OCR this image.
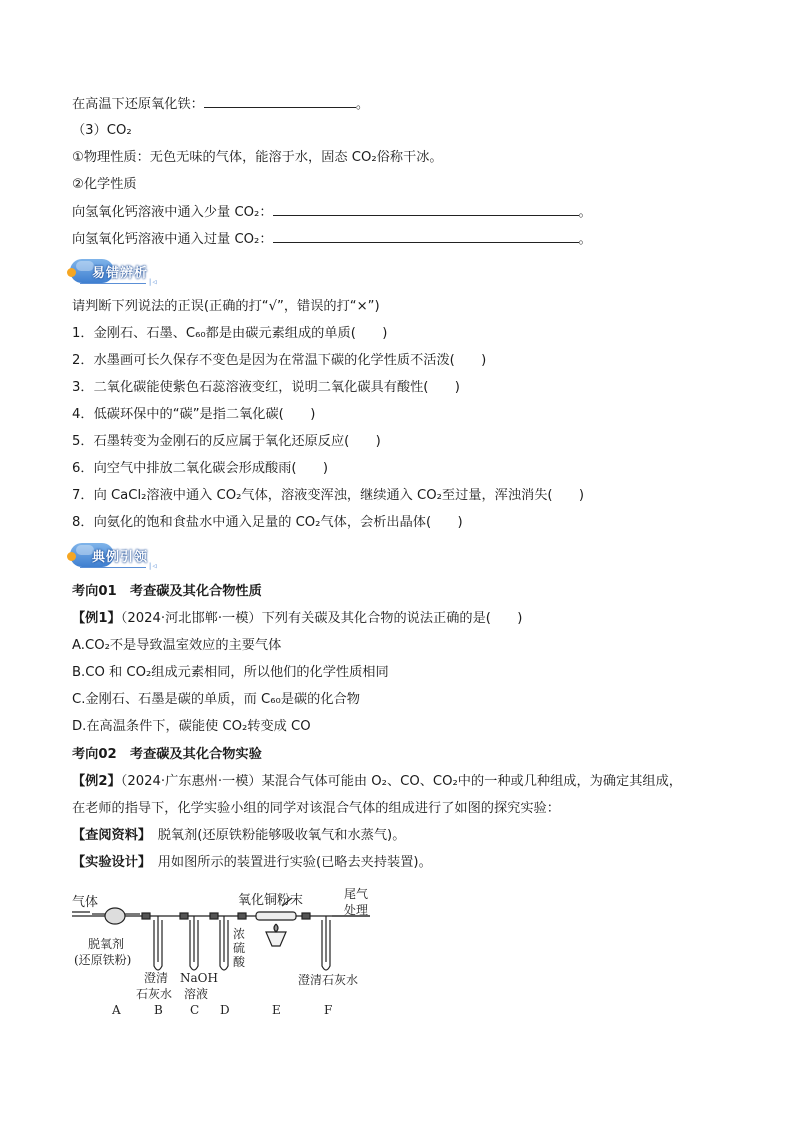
在高温下还原氧化铁：	。
（3）CO₂
①物理性质：无色无味的气体，能溶于水，固态 CO₂俗称干冰。
②化学性质
向氢氧化钙溶液中通入少量 CO₂：	。
向氢氧化钙溶液中通入过量 CO₂：	。
易错辨析
|◁
请判断下列说法的正误(正确的打“√”，错误的打“×”)
1．金刚石、石墨、C₆₀都是由碳元素组成的单质(　　)
2．水墨画可长久保存不变色是因为在常温下碳的化学性质不活泼(　　)
3．二氧化碳能使紫色石蕊溶液变红，说明二氧化碳具有酸性(　　)
4．低碳环保中的“碳”是指二氧化碳(　　)
5．石墨转变为金刚石的反应属于氧化还原反应(　　)
6．向空气中排放二氧化碳会形成酸雨(　　)
7．向 CaCl₂溶液中通入 CO₂气体，溶液变浑浊，继续通入 CO₂至过量，浑浊消失(　　)
8．向氨化的饱和食盐水中通入足量的 CO₂气体，会析出晶体(　　)
典例引领
|◁
考向01　考查碳及其化合物性质
【例1】（2024·河北邯郸·一模）下列有关碳及其化合物的说法正确的是(　　)
A.CO₂不是导致温室效应的主要气体
B.CO 和 CO₂组成元素相同，所以他们的化学性质相同
C.金刚石、石墨是碳的单质，而 C₆₀是碳的化合物
D.在高温条件下，碳能使 CO₂转变成 CO
考向02　考查碳及其化合物实验
【例2】（2024·广东惠州·一模）某混合气体可能由 O₂、CO、CO₂中的一种或几种组成，为确定其组成，
在老师的指导下，化学实验小组的同学对该混合气体的组成进行了如图的探究实验：
【查阅资料】　脱氧剂(还原铁粉能够吸收氧气和水蒸气)。
【实验设计】　用如图所示的装置进行实验(已略去夹持装置)。
气体
脱氧剂
(还原铁粉)
澄清
石灰水
NaOH
溶液
浓
硫
酸
氧化铜粉末	尾气
处理
澄清石灰水
A	B C D	E	F
